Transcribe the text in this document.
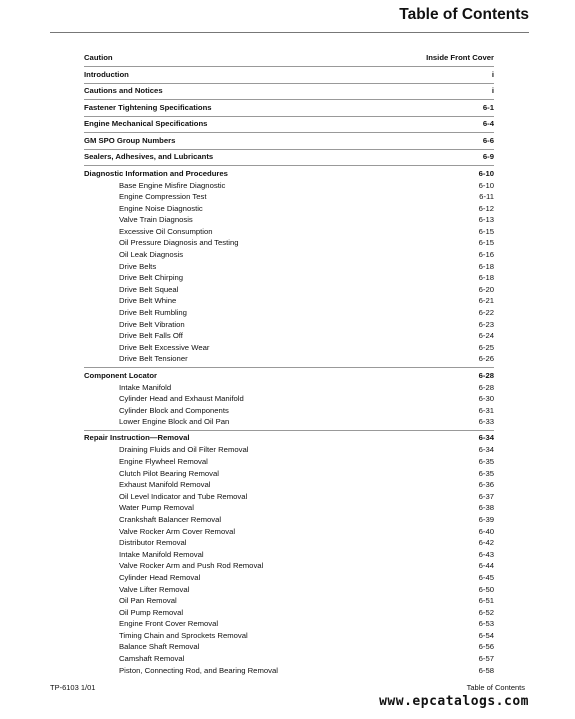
Table of Contents
Caution	Inside Front Cover
Introduction	i
Cautions and Notices	i
Fastener Tightening Specifications	6-1
Engine Mechanical Specifications	6-4
GM SPO Group Numbers	6-6
Sealers, Adhesives, and Lubricants	6-9
Diagnostic Information and Procedures	6-10
Base Engine Misfire Diagnostic	6-10
Engine Compression Test	6-11
Engine Noise Diagnostic	6-12
Valve Train Diagnosis	6-13
Excessive Oil Consumption	6-15
Oil Pressure Diagnosis and Testing	6-15
Oil Leak Diagnosis	6-16
Drive Belts	6-18
Drive Belt Chirping	6-18
Drive Belt Squeal	6-20
Drive Belt Whine	6-21
Drive Belt Rumbling	6-22
Drive Belt Vibration	6-23
Drive Belt Falls Off	6-24
Drive Belt Excessive Wear	6-25
Drive Belt Tensioner	6-26
Component Locator	6-28
Intake Manifold	6-28
Cylinder Head and Exhaust Manifold	6-30
Cylinder Block and Components	6-31
Lower Engine Block and Oil Pan	6-33
Repair Instruction—Removal	6-34
Draining Fluids and Oil Filter Removal	6-34
Engine Flywheel Removal	6-35
Clutch Pilot Bearing Removal	6-35
Exhaust Manifold Removal	6-36
Oil Level Indicator and Tube Removal	6-37
Water Pump Removal	6-38
Crankshaft Balancer Removal	6-39
Valve Rocker Arm Cover Removal	6-40
Distributor Removal	6-42
Intake Manifold Removal	6-43
Valve Rocker Arm and Push Rod Removal	6-44
Cylinder Head Removal	6-45
Valve Lifter Removal	6-50
Oil Pan Removal	6-51
Oil Pump Removal	6-52
Engine Front Cover Removal	6-53
Timing Chain and Sprockets Removal	6-54
Balance Shaft Removal	6-56
Camshaft Removal	6-57
Piston, Connecting Rod, and Bearing Removal	6-58
TP-6103 1/01	Table of Contents
www.epcatalogs.com
